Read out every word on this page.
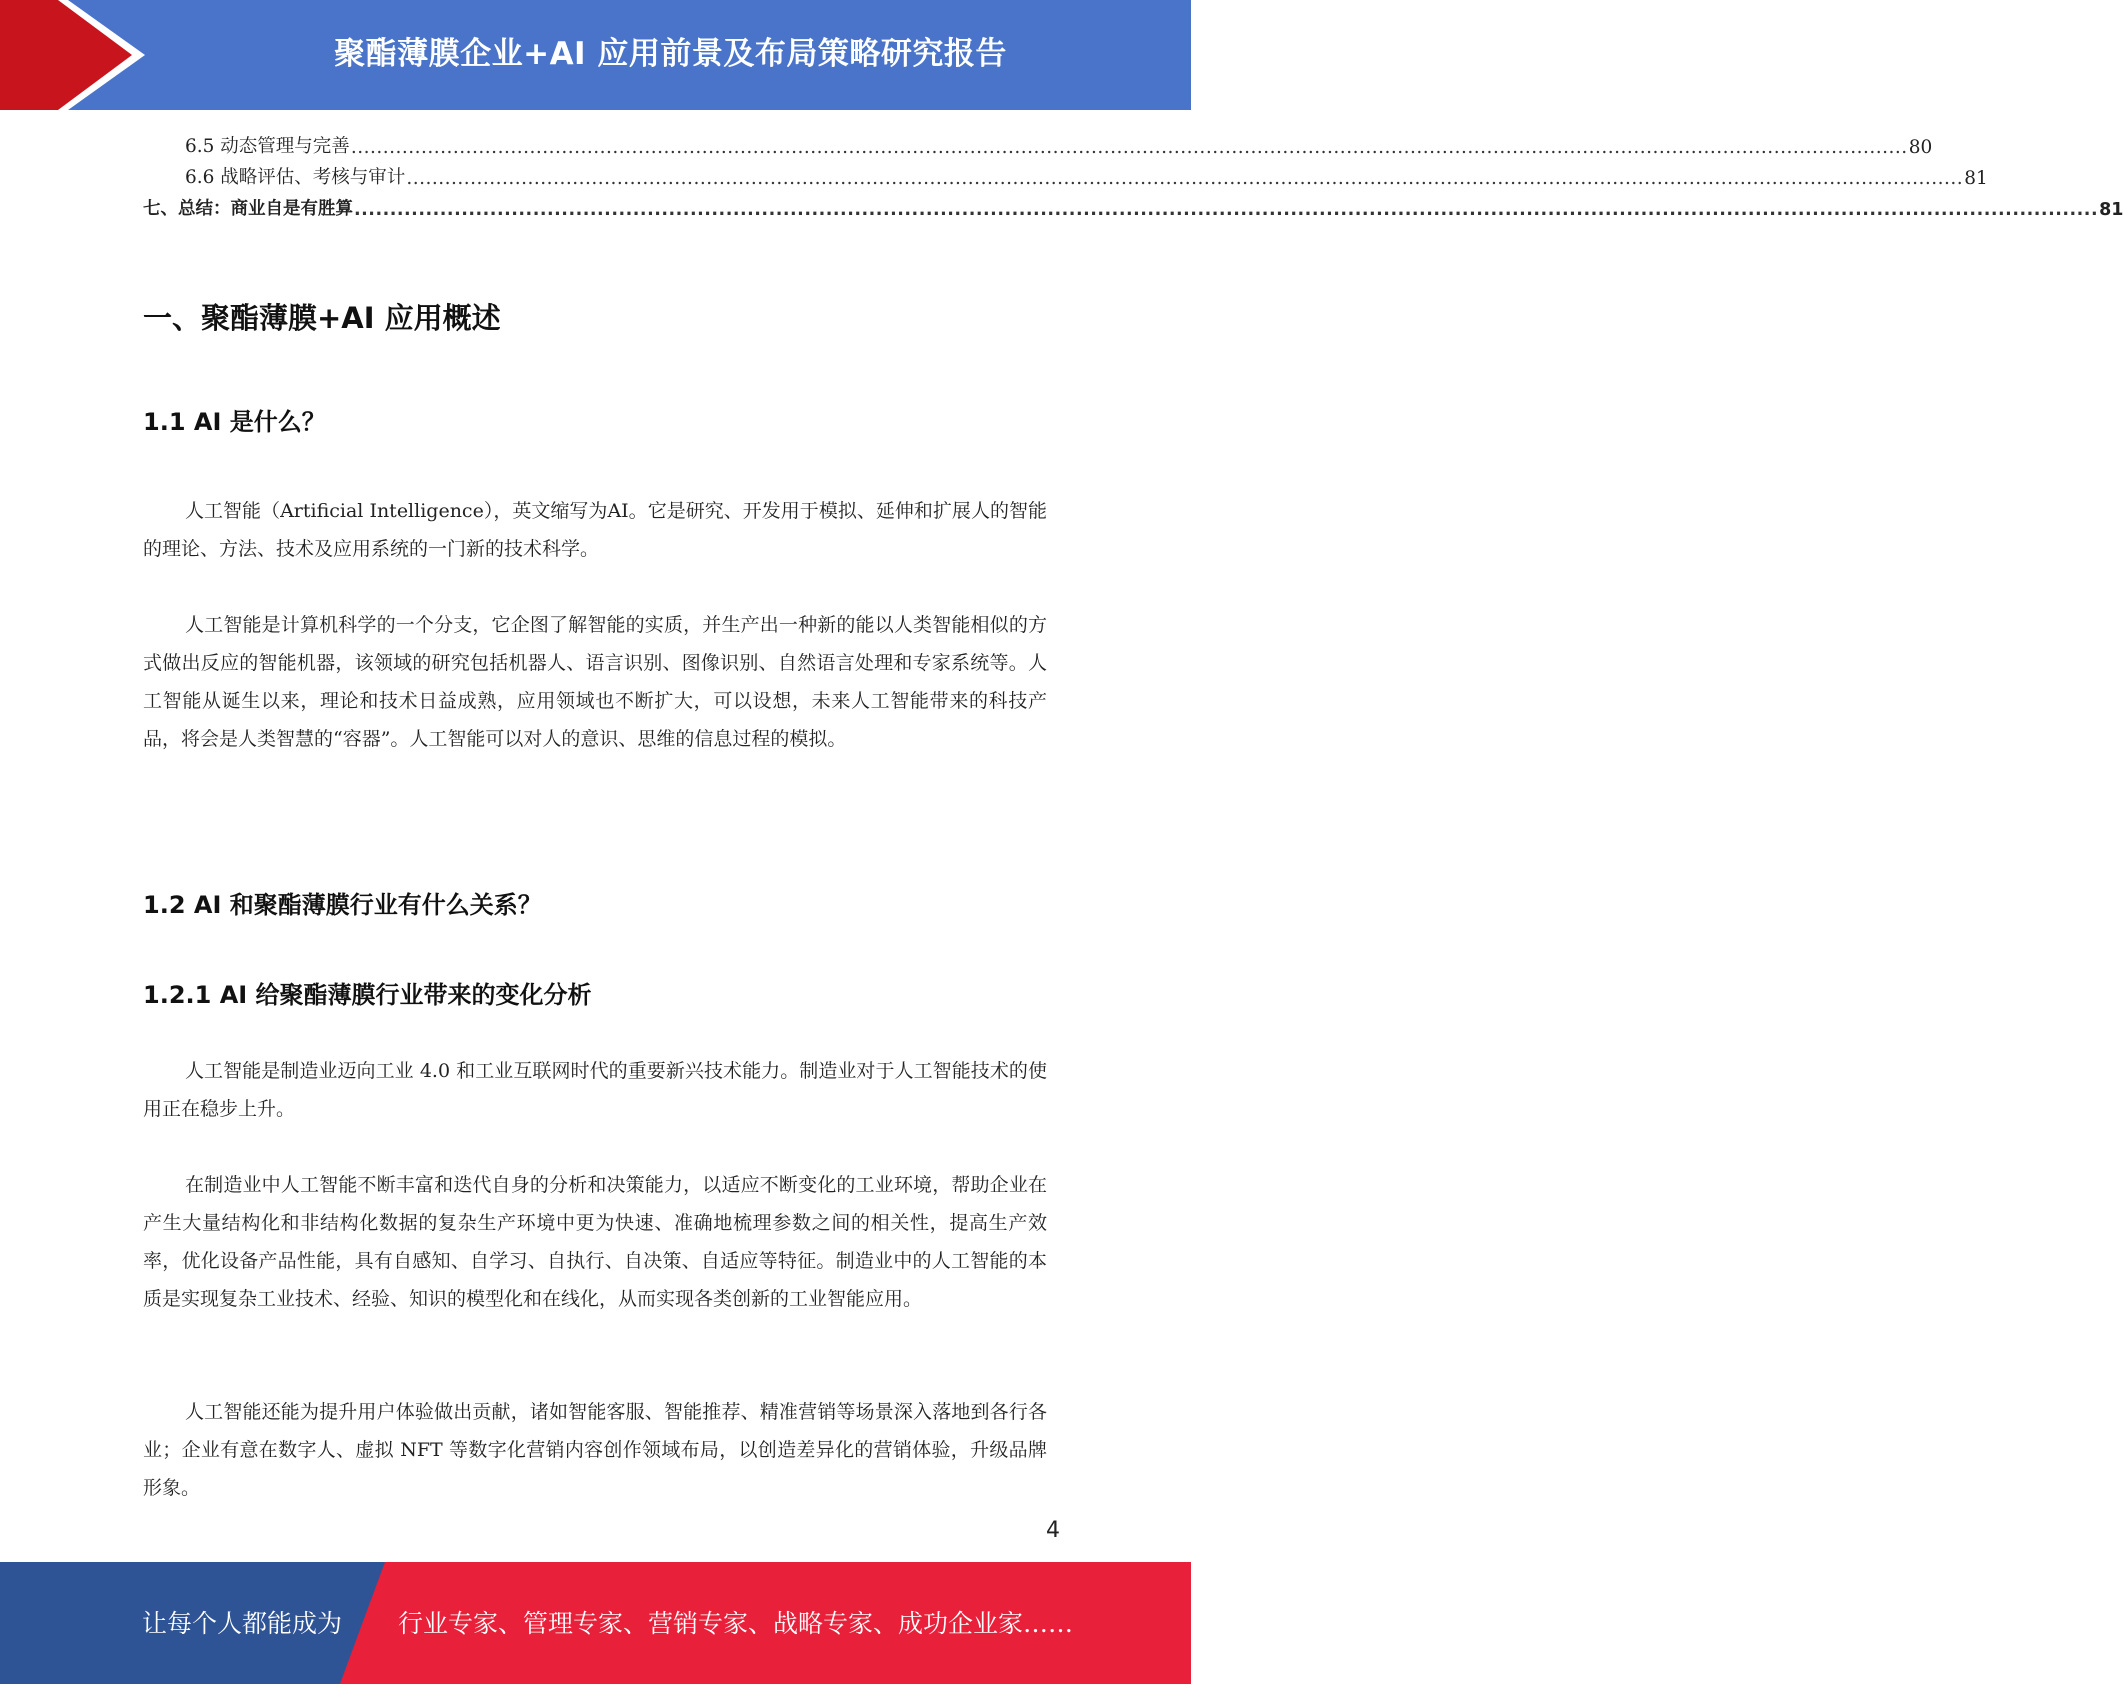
聚酯薄膜企业+AI 应用前景及布局策略研究报告
6.5 动态管理与完善 .................................................................................................................................................................................................................................................... 80
6.6 战略评估、考核与审计 .................................................................................................................................................................................................................................................... 81
七、总结：商业自是有胜算 .................................................................................................................................................................................................................................................... 81
一、聚酯薄膜+AI 应用概述
1.1 AI 是什么？

人工智能（Artificial Intelligence），英文缩写为AI。它是研究、开发用于模拟、延伸和扩展人的智能的理论、方法、技术及应用系统的一门新的技术科学。

人工智能是计算机科学的一个分支，它企图了解智能的实质，并生产出一种新的能以人类智能相似的方式做出反应的智能机器，该领域的研究包括机器人、语言识别、图像识别、自然语言处理和专家系统等。人工智能从诞生以来，理论和技术日益成熟，应用领域也不断扩大，可以设想，未来人工智能带来的科技产品，将会是人类智慧的“容器”。人工智能可以对人的意识、思维的信息过程的模拟。

1.2 AI 和聚酯薄膜行业有什么关系？
1.2.1 AI 给聚酯薄膜行业带来的变化分析

人工智能是制造业迈向工业 4.0 和工业互联网时代的重要新兴技术能力。制造业对于人工智能技术的使用正在稳步上升。

在制造业中人工智能不断丰富和迭代自身的分析和决策能力，以适应不断变化的工业环境，帮助企业在产生大量结构化和非结构化数据的复杂生产环境中更为快速、准确地梳理参数之间的相关性，提高生产效率，优化设备产品性能，具有自感知、自学习、自执行、自决策、自适应等特征。制造业中的人工智能的本质是实现复杂工业技术、经验、知识的模型化和在线化，从而实现各类创新的工业智能应用。

人工智能还能为提升用户体验做出贡献，诸如智能客服、智能推荐、精准营销等场景深入落地到各行各业；企业有意在数字人、虚拟 NFT 等数字化营销内容创作领域布局，以创造差异化的营销体验，升级品牌形象。

4
让每个人都能成为 行业专家、管理专家、营销专家、战略专家、成功企业家……
